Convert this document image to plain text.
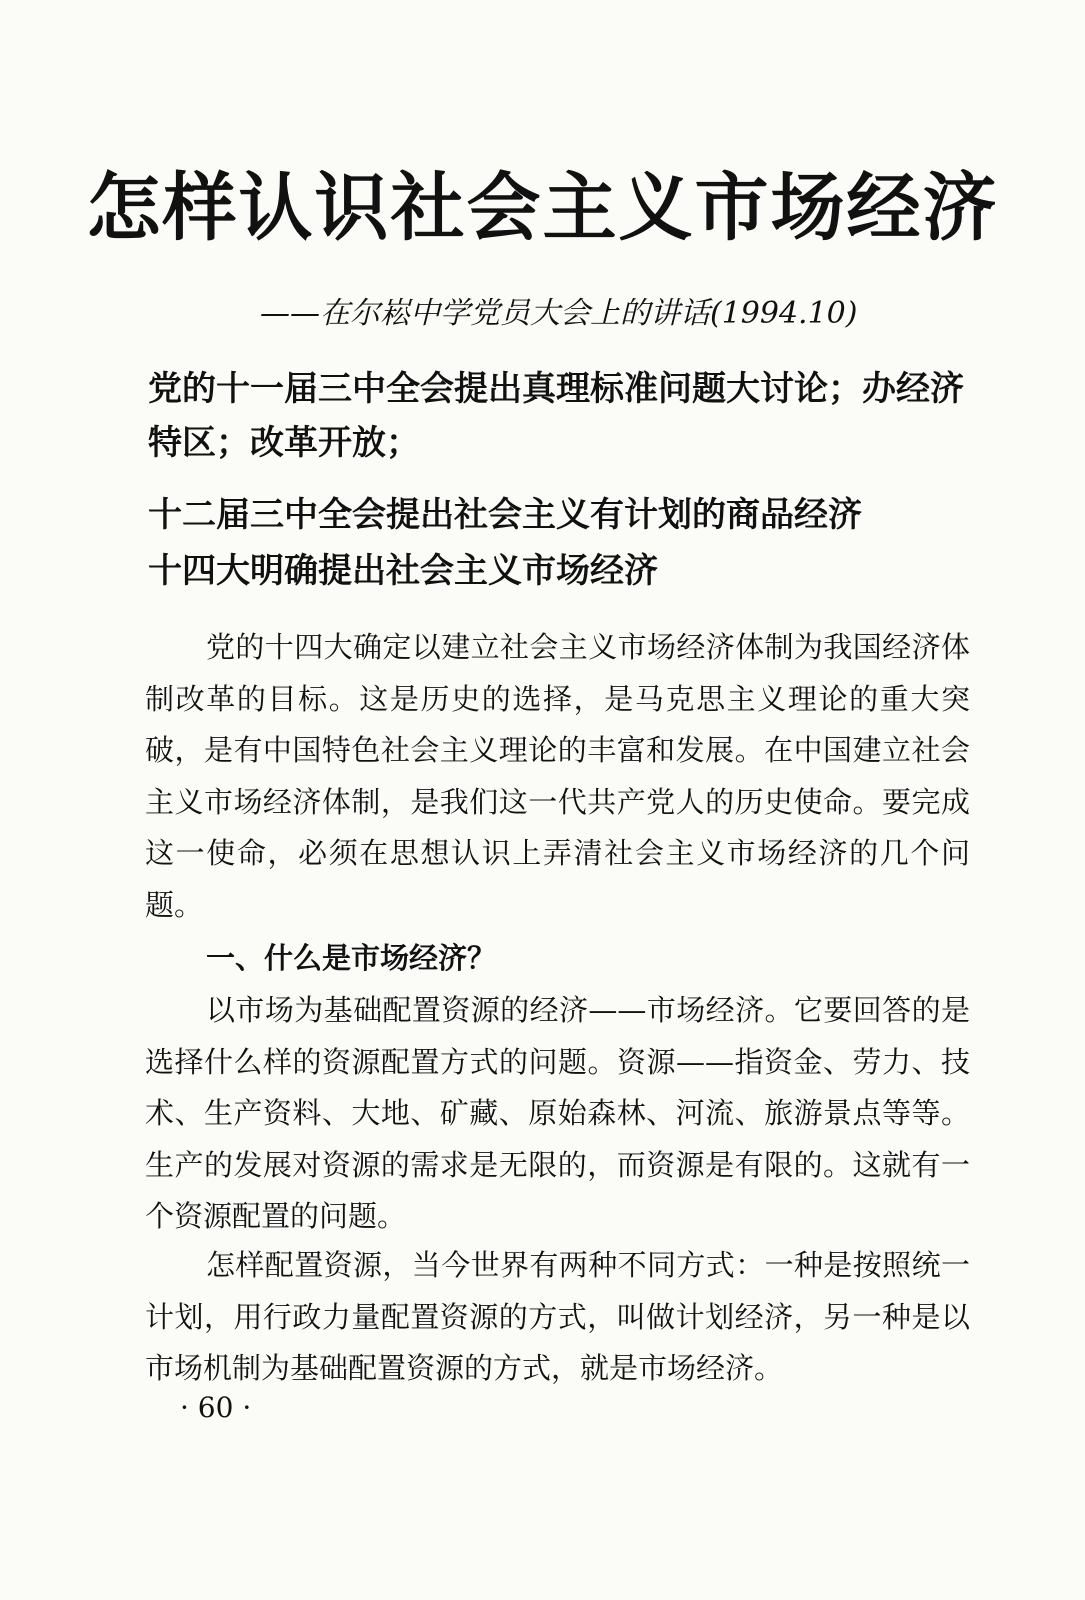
怎样认识社会主义市场经济
——在尔崧中学党员大会上的讲话(1994.10)

党的十一届三中全会提出真理标准问题大讨论；办经济特区；改革开放；

十二届三中全会提出社会主义有计划的商品经济

十四大明确提出社会主义市场经济

党的十四大确定以建立社会主义市场经济体制为我国经济体制改革的目标。这是历史的选择，是马克思主义理论的重大突破，是有中国特色社会主义理论的丰富和发展。在中国建立社会主义市场经济体制，是我们这一代共产党人的历史使命。要完成这一使命，必须在思想认识上弄清社会主义市场经济的几个问题。

一、什么是市场经济？

以市场为基础配置资源的经济——市场经济。它要回答的是选择什么样的资源配置方式的问题。资源——指资金、劳力、技术、生产资料、大地、矿藏、原始森林、河流、旅游景点等等。生产的发展对资源的需求是无限的，而资源是有限的。这就有一个资源配置的问题。

怎样配置资源，当今世界有两种不同方式：一种是按照统一计划，用行政力量配置资源的方式，叫做计划经济，另一种是以市场机制为基础配置资源的方式，就是市场经济。

· 60 ·
